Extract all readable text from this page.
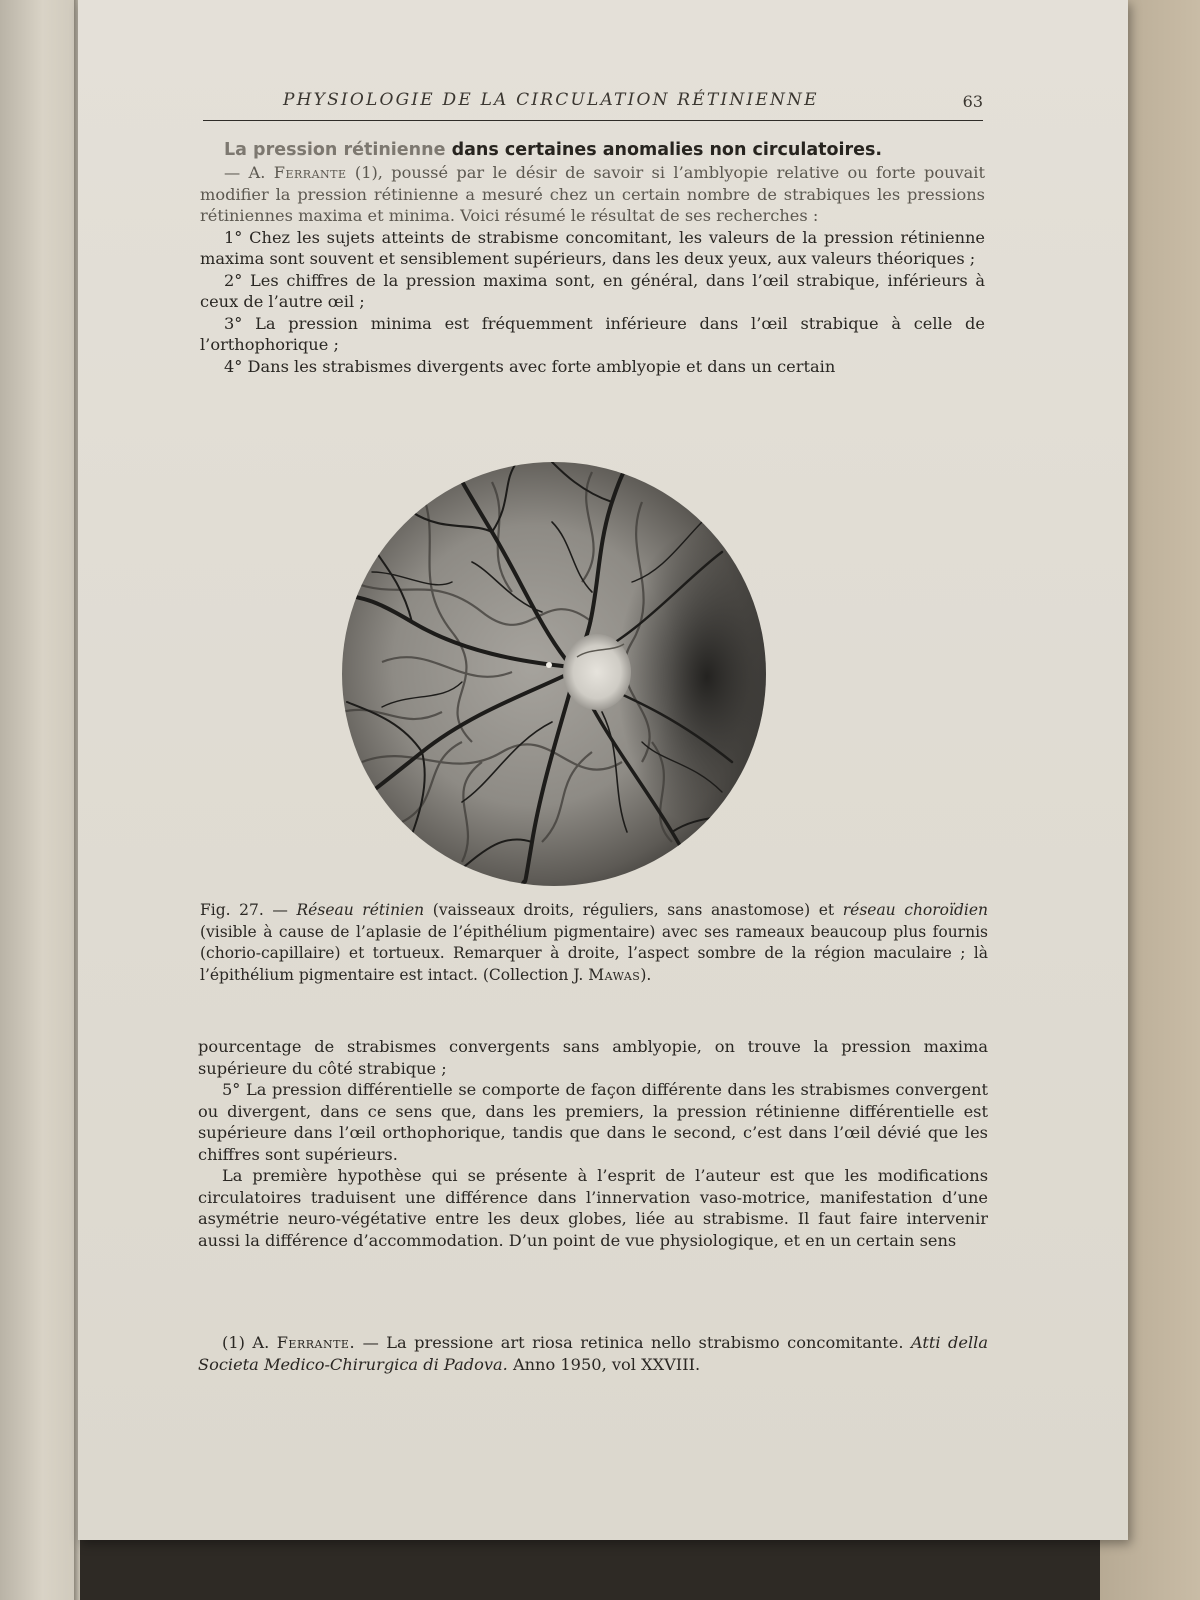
PHYSIOLOGIE DE LA CIRCULATION RÉTINIENNE	63
La pression rétinienne dans certaines anomalies non circulatoires.

— A. Ferrante (1), poussé par le désir de savoir si l’amblyopie relative ou forte pouvait modifier la pression rétinienne a mesuré chez un certain nombre de strabiques les pressions rétiniennes maxima et minima. Voici résumé le résultat de ses recherches :

1° Chez les sujets atteints de strabisme concomitant, les valeurs de la pression rétinienne maxima sont souvent et sensiblement supérieurs, dans les deux yeux, aux valeurs théoriques ;

2° Les chiffres de la pression maxima sont, en général, dans l’œil strabique, inférieurs à ceux de l’autre œil ;

3° La pression minima est fréquemment inférieure dans l’œil strabique à celle de l’orthophorique ;

4° Dans les strabismes divergents avec forte amblyopie et dans un certain

Fig. 27. — Réseau rétinien (vaisseaux droits, réguliers, sans anastomose) et réseau choroïdien (visible à cause de l’aplasie de l’épithélium pigmentaire) avec ses rameaux beaucoup plus fournis (chorio-capillaire) et tortueux. Remarquer à droite, l’aspect sombre de la région maculaire ; là l’épithélium pigmentaire est intact. (Collection J. Mawas).

pourcentage de strabismes convergents sans amblyopie, on trouve la pression maxima supérieure du côté strabique ;

5° La pression différentielle se comporte de façon différente dans les strabismes convergent ou divergent, dans ce sens que, dans les premiers, la pression rétinienne différentielle est supérieure dans l’œil orthophorique, tandis que dans le second, c’est dans l’œil dévié que les chiffres sont supérieurs.

La première hypothèse qui se présente à l’esprit de l’auteur est que les modifications circulatoires traduisent une différence dans l’innervation vaso-motrice, manifestation d’une asymétrie neuro-végétative entre les deux globes, liée au strabisme. Il faut faire intervenir aussi la différence d’accommodation. D’un point de vue physiologique, et en un certain sens

(1) A. Ferrante. — La pressione art riosa retinica nello strabismo concomitante. Atti della Societa Medico-Chirurgica di Padova. Anno 1950, vol XXVIII.
